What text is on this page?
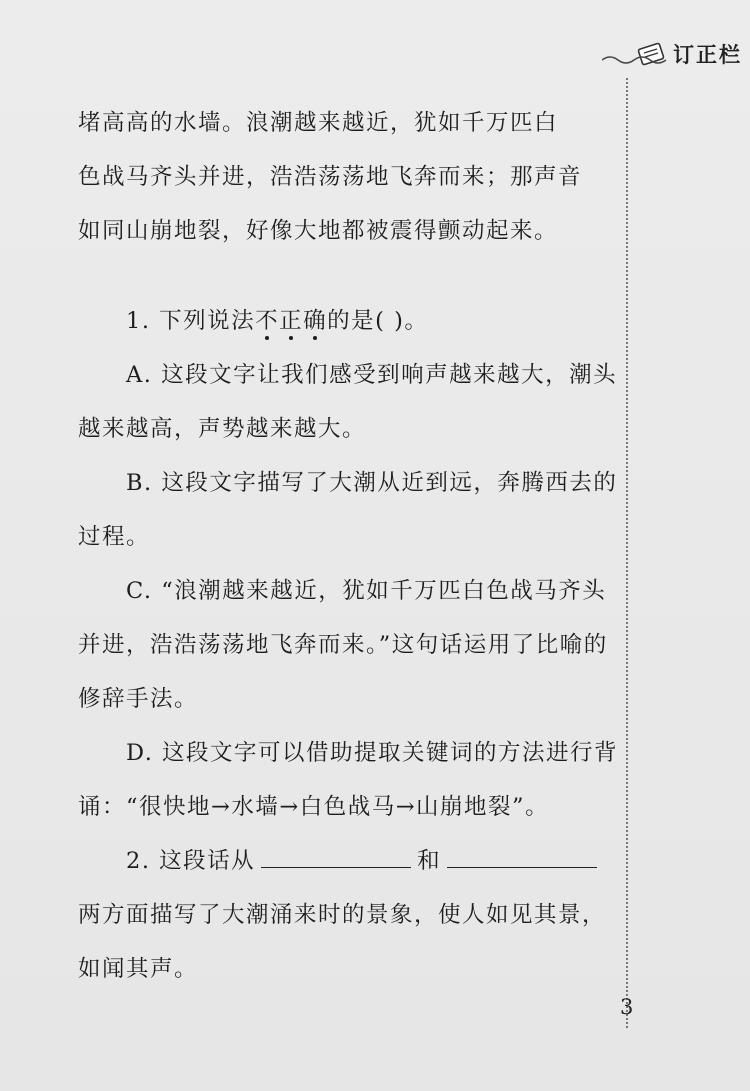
订正栏

堵高高的水墙。浪潮越来越近，犹如千万匹白

色战马齐头并进，浩浩荡荡地飞奔而来；那声音

如同山崩地裂，好像大地都被震得颤动起来。

1. 下列说法不正确的是( )。

A. 这段文字让我们感受到响声越来越大，潮头越来越高，声势越来越大。

B. 这段文字描写了大潮从近到远，奔腾西去的过程。

C. “浪潮越来越近，犹如千万匹白色战马齐头并进，浩浩荡荡地飞奔而来。”这句话运用了比喻的修辞手法。

D. 这段文字可以借助提取关键词的方法进行背诵：“很快地→水墙→白色战马→山崩地裂”。

2. 这段话从	和两方面描写了大潮涌来时的景象，使人如见其景，如闻其声。

3
